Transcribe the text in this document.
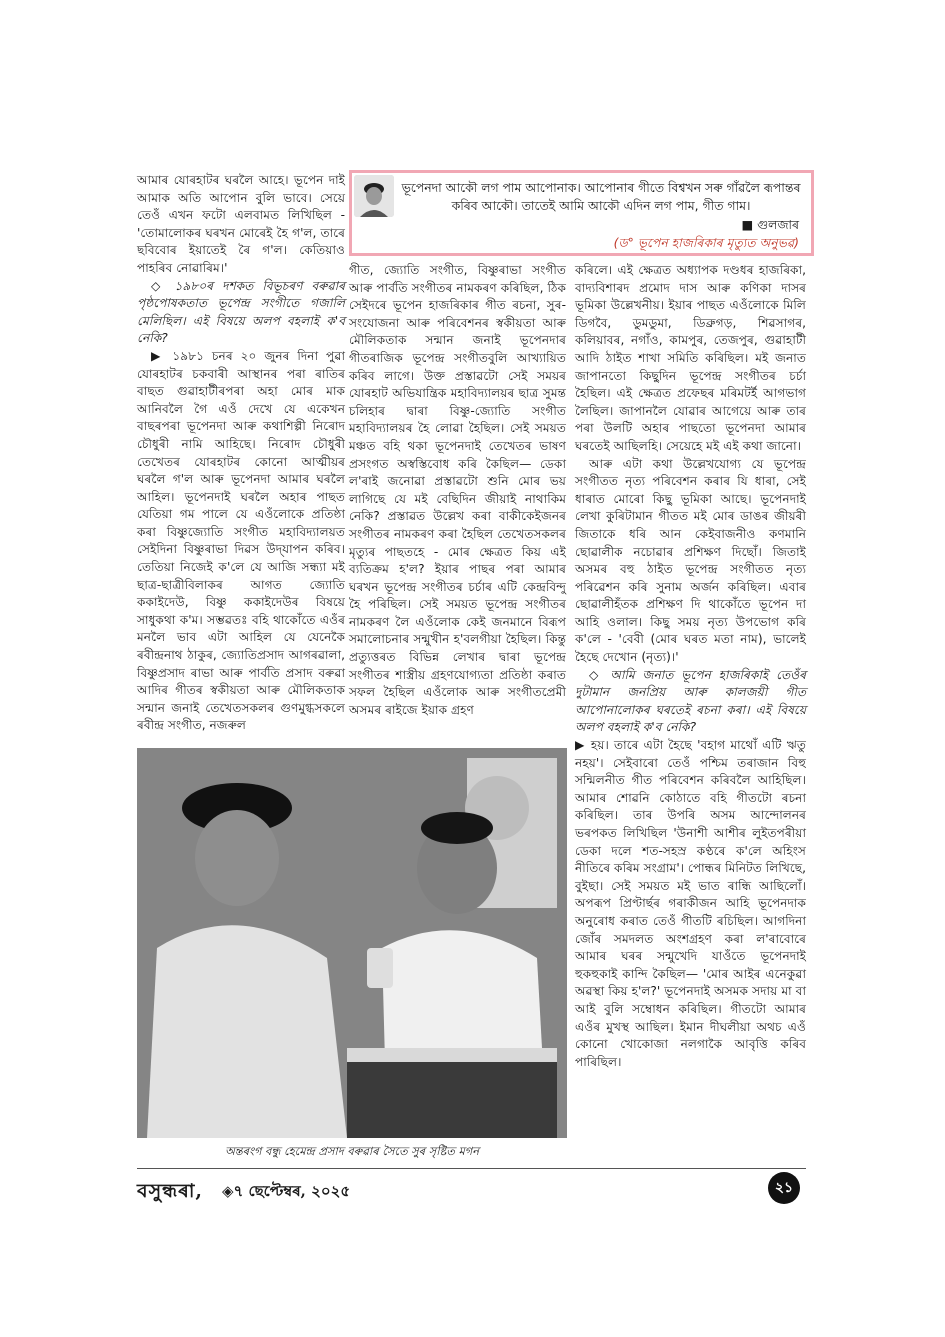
ভূপেনদা আকৌ লগ পাম আপোনাক। আপোনাৰ গীতে বিশ্বখন সৰু গাঁৱলৈ ৰূপান্তৰ কৰিব আকৌ। তাতেই আমি আকৌ এদিন লগ পাম, গীত গাম।
■ গুলজাৰ
(ড° ভূপেন হাজৰিকাৰ মৃত্যুত অনুভৱ)

আমাৰ যোৰহাটৰ ঘৰলৈ আহে। ভূপেন দাই আমাক অতি আপোন বুলি ভাবে। সেয়ে তেওঁ এখন ফটো এলবামত লিখিছিল - 'তোমালোকৰ ঘৰখন মোৰেই হৈ গ'ল, তাৰে ছবিবোৰ ইয়াতেই ৰৈ গ'ল। কেতিয়াও পাহৰিব নোৱাৰিম।'

◇ ১৯৮০ৰ দশকত বিভূচৰণ বৰুৱাৰ পৃষ্ঠপোষকতাত ভূপেন্দ্ৰ সংগীতে গজালি মেলিছিল। এই বিষয়ে অলপ বহলাই ক'ব নেকি?

▶ ১৯৮১ চনৰ ২০ জুনৰ দিনা পুৱা যোৰহাটৰ চকবাৰী আস্থানৰ পৰা ৰাতিৰ বাছত গুৱাহাটীৰপৰা অহা মোৰ মাক আনিবলৈ গৈ এওঁ দেখে যে একেখন বাছৰপৰা ভূপেনদা আৰু কথাশিল্পী নিৰোদ চৌধুৰী নামি আহিছে। নিৰোদ চৌধুৰী তেখেতৰ যোৰহাটৰ কোনো আত্মীয়ৰ ঘৰলৈ গ'ল আৰু ভূপেনদা আমাৰ ঘৰলৈ আহিল। ভূপেনদাই ঘৰলৈ অহাৰ পাছত যেতিয়া গম পালে যে এওঁলোকে প্ৰতিষ্ঠা কৰা বিষ্ণুজ্যোতি সংগীত মহাবিদ্যালয়ত সেইদিনা বিষ্ণুৰাভা দিৱস উদ্‌যাপন কৰিব। তেতিয়া নিজেই ক'লে যে আজি সন্ধ্যা মই ছাত্ৰ-ছাত্ৰীবিলাকৰ আগত জ্যোতি ককাইদেউ, বিষ্ণু ককাইদেউৰ বিষয়ে সাধুকথা ক'ম। সম্ভৱতঃ বহি থাকোঁতে এওঁৰ মনলৈ ভাব এটা আহিল যে যেনেকৈ ৰবীন্দ্ৰনাথ ঠাকুৰ, জ্যোতিপ্ৰসাদ আগৰৱালা, বিষ্ণুপ্ৰসাদ ৰাভা আৰু পাৰ্বতি প্ৰসাদ বৰুৱা আদিৰ গীতৰ স্বকীয়তা আৰু মৌলিকতাক সন্মান জনাই তেখেতসকলৰ গুণমুগ্ধসকলে ৰবীন্দ্ৰ সংগীত, নজৰুল

গীত, জ্যোতি সংগীত, বিষ্ণুৰাভা সংগীত আৰু পাৰ্বতি সংগীতৰ নামকৰণ কৰিছিল, ঠিক সেইদৰে ভূপেন হাজৰিকাৰ গীত ৰচনা, সুৰ-সংযোজনা আৰু পৰিবেশনৰ স্বকীয়তা আৰু মৌলিকতাক সন্মান জনাই ভূপেনদাৰ গীতৰাজিক ভূপেন্দ্ৰ সংগীতবুলি আখ্যায়িত কৰিব লাগে। উক্ত প্ৰস্তাৱটো সেই সময়ৰ যোৰহাট অভিযান্ত্ৰিক মহাবিদ্যালয়ৰ ছাত্ৰ সুমন্ত চলিহাৰ দ্বাৰা বিষ্ণু-জ্যোতি সংগীত মহাবিদ্যালয়ৰ হৈ লোৱা হৈছিল। সেই সময়ত মঞ্চত বহি থকা ভূপেনদাই তেখেতৰ ভাষণ প্ৰসংগত অস্বস্তিবোধ কৰি কৈছিল— ডেকা ল'ৰাই জনোৱা প্ৰস্তাৱটো শুনি মোৰ ভয় লাগিছে যে মই বেছিদিন জীয়াই নাথাকিম নেকি? প্ৰস্তাৱত উল্লেখ কৰা বাকীকেইজনৰ সংগীতৰ নামকৰণ কৰা হৈছিল তেখেতসকলৰ মৃত্যুৰ পাছতহে - মোৰ ক্ষেত্ৰত কিয় এই ব্যতিক্ৰম হ'ল? ইয়াৰ পাছৰ পৰা আমাৰ ঘৰখন ভূপেন্দ্ৰ সংগীতৰ চৰ্চাৰ এটি কেন্দ্ৰবিন্দু হৈ পৰিছিল। সেই সময়ত ভূপেন্দ্ৰ সংগীতৰ নামকৰণ লৈ এওঁলোক কেই জনমানে বিৰূপ সমালোচনাৰ সন্মুখীন হ'বলগীয়া হৈছিল। কিন্তু প্ৰত্যুত্তৰত বিভিন্ন লেখাৰ দ্বাৰা ভূপেন্দ্ৰ সংগীতৰ শাস্ত্ৰীয় গ্ৰহণযোগ্যতা প্ৰতিষ্ঠা কৰাত সফল হৈছিল এওঁলোক আৰু সংগীতপ্ৰেমী অসমৰ ৰাইজে ইয়াক গ্ৰহণ

কৰিলে। এই ক্ষেত্ৰত অধ্যাপক দণ্ডধৰ হাজৰিকা, বাদ্যবিশাৰদ প্ৰমোদ দাস আৰু কণিকা দাসৰ ভূমিকা উল্লেখনীয়। ইয়াৰ পাছত এওঁলোকে মিলি ডিগবৈ, ডুমডুমা, ডিব্ৰুগড়, শিৱসাগৰ, কলিয়াবৰ, নগাঁও, কামপুৰ, তেজপুৰ, গুৱাহাটী আদি ঠাইত শাখা সমিতি কৰিছিল। মই জনাত জাপানতো কিছুদিন ভূপেন্দ্ৰ সংগীতৰ চৰ্চা হৈছিল। এই ক্ষেত্ৰত প্ৰফেছৰ মৰিমটৰ্ই আগভাগ লৈছিল। জাপানলৈ যোৱাৰ আগেয়ে আৰু তাৰ পৰা উলটি অহাৰ পাছতো ভূপেনদা আমাৰ ঘৰতেই আছিলহি। সেয়েহে মই এই কথা জানো।

আৰু এটা কথা উল্লেখযোগ্য যে ভূপেন্দ্ৰ সংগীতত নৃত্য পৰিবেশন কৰাৰ যি ধাৰা, সেই ধাৰাত মোৰো কিছু ভূমিকা আছে। ভূপেনদাই লেখা কুৰিটামান গীতত মই মোৰ ডাঙৰ জীয়ৰী জিতাকে ধৰি আন কেইবাজনীও কণমানি ছোৱালীক নচোৱাৰ প্ৰশিক্ষণ দিছোঁ। জিতাই অসমৰ বহু ঠাইত ভূপেন্দ্ৰ সংগীতত নৃত্য পৰিৱেশন কৰি সুনাম অৰ্জন কৰিছিল। এবাৰ ছোৱালীহঁতক প্ৰশিক্ষণ দি থাকোঁতে ভূপেন দা আহি ওলাল। কিছু সময় নৃত্য উপভোগ কৰি ক'লে - 'বেবী (মোৰ ঘৰত মতা নাম), ভালেই হৈছে দেখোন (নৃত্য)।'

◇ আমি জনাত ভূপেন হাজৰিকাই তেওঁৰ দুটামান জনপ্ৰিয় আৰু কালজয়ী গীত আপোনালোকৰ ঘৰতেই ৰচনা কৰা। এই বিষয়ে অলপ বহলাই ক'ব নেকি?

▶ হয়। তাৰে এটা হৈছে 'বহাগ মাথোঁ এটি ঋতু নহয়'। সেইবাৰো তেওঁ পশ্চিম তৰাজান বিহু সন্মিলনীত গীত পৰিবেশন কৰিবলৈ আহিছিল। আমাৰ শোৱনি কোঠাতে বহি গীতটো ৰচনা কৰিছিল। তাৰ উপৰি অসম আন্দোলনৰ ভৰপকত লিখিছিল 'উনাশী আশীৰ লুইতপৰীয়া ডেকা দলে শত-সহস্ৰ কণ্ঠৰে ক'লে অহিংস নীতিৰে কৰিম সংগ্ৰাম'। পোন্ধৰ মিনিটত লিখিছে, বুইছা। সেই সময়ত মই ভাত ৰান্ধি আছিলোঁ। অপৰূপ প্ৰিণ্টাৰ্ছৰ গৰাকীজন আহি ভূপেনদাক অনুৰোধ কৰাত তেওঁ গীতটি ৰচিছিল। আগদিনা জোঁৰ সমদলত অংশগ্ৰহণ কৰা ল'ৰাবোৰে আমাৰ ঘৰৰ সন্মুখেদি যাওঁতে ভূপেনদাই হুকহুকাই কান্দি কৈছিল— 'মোৰ আইৰ এনেকুৱা অৱস্থা কিয় হ'ল?' ভূপেনদাই অসমক সদায় মা বা আই বুলি সম্বোধন কৰিছিল। গীতটো আমাৰ এওঁৰ মুখস্থ আছিল। ইমান দীঘলীয়া অথচ এওঁ কোনো খোকোজা নলগাকৈ আবৃত্তি কৰিব পাৰিছিল।

অন্তৰংগ বন্ধু হেমেন্দ্ৰ প্ৰসাদ বৰুৱাৰ সৈতে সুৰ সৃষ্টিত মগন
বসুন্ধৰা, ◈৭ ছেপ্টেম্বৰ, ২০২৫	২১
